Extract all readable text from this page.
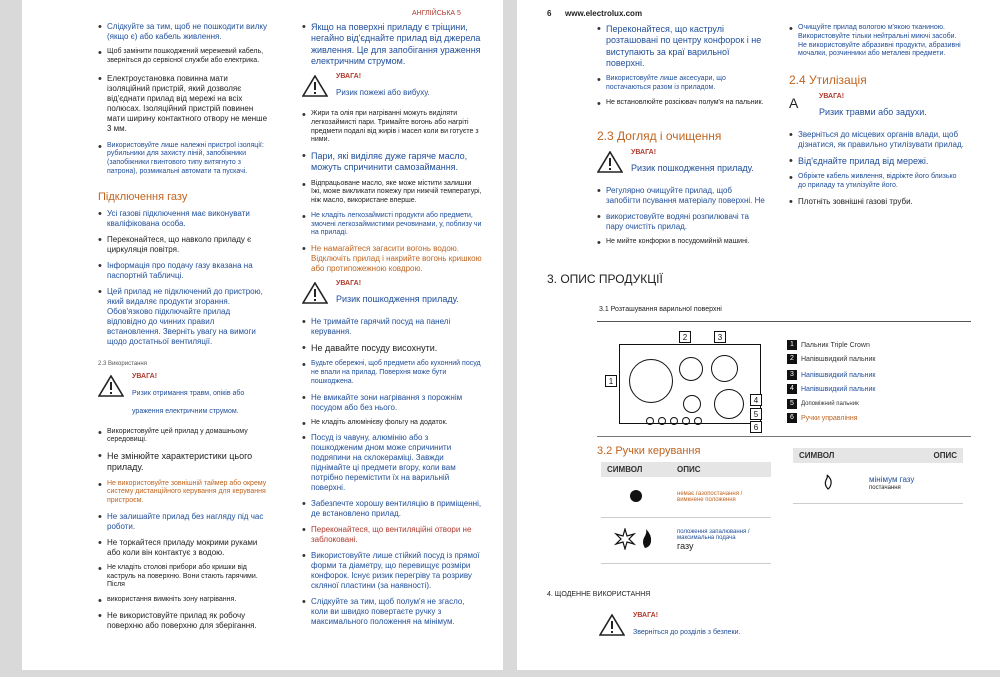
АНГЛІЙСЬКА 5
• Слідкуйте за тим, щоб не пошкодити вилку (якщо є) або кабель живлення.
• Щоб замінити пошкоджений мережевий кабель, зверніться до сервісної служби або електрика.
• Електроустановка повинна мати ізоляційний пристрій, який дозволяє від'єднати прилад від мережі на всіх полюсах. Ізоляційний пристрій повинен мати ширину контактного отвору не менше 3 мм.
• Використовуйте лише належні пристрої ізоляції: рубильники для захисту ліній, запобіжники (запобіжники гвинтового типу витягнуто з патрона), розмикальні автомати та пускачі.
Підключення газу
• Усі газові підключення має виконувати кваліфікована особа.
• Переконайтеся, що навколо приладу є циркуляція повітря.
• Інформація про подачу газу вказана на паспортній табличці.
• Цей прилад не підключений до пристрою, який видаляє продукти згорання. Обов'язково підключайте прилад відповідно до чинних правил встановлення. Зверніть увагу на вимоги щодо достатньої вентиляції.
2.3 Використання
УВАГА!
Ризик отримання травм, опіків або ураження електричним струмом.
• Використовуйте цей прилад у домашньому середовищі.
• Не змінюйте характеристики цього приладу.
• Не використовуйте зовнішній таймер або окрему систему дистанційного керування для керування пристроєм.
• Не залишайте прилад без нагляду під час роботи.
• Не торкайтеся приладу мокрими руками або коли він контактує з водою.
• Не кладіть столові прибори або кришки від каструль на поверхню. Вони стають гарячими. Після
• використання вимкніть зону нагрівання.
• Не використовуйте прилад як робочу поверхню або поверхню для зберігання.
• Якщо на поверхні приладу є тріщини, негайно від'єднайте прилад від джерела живлення. Це для запобігання ураження електричним струмом.
УВАГА!
Ризик пожежі або вибуху.
• Жири та олія при нагріванні можуть виділяти легкозаймисті пари. Тримайте вогонь або нагріті предмети подалі від жирів і масел коли ви готуєте з ними.
• Пари, які виділяє дуже гаряче масло, можуть спричинити самозаймання.
• Відпрацьоване масло, яке може містити залишки їжі, може викликати пожежу при нижчій температурі, ніж масло, використане вперше.
• Не кладіть легкозаймисті продукти або предмети, змочені легкозаймистими речовинами, у, поблизу чи на приладі.
• Не намагайтеся загасити вогонь водою. Відключіть прилад і накрийте вогонь кришкою або протипожежною ковдрою.
УВАГА!
Ризик пошкодження приладу.
• Не тримайте гарячий посуд на панелі керування.
• Не давайте посуду висохнути.
• Будьте обережні, щоб предмети або кухонний посуд не впали на прилад. Поверхня може бути пошкоджена.
• Не вмикайте зони нагрівання з порожнім посудом або без нього.
• Не кладіть алюмінієву фольгу на додаток.
• Посуд із чавуну, алюмінію або з пошкодженим дном може спричинити подряпини на склокераміці. Завжди піднімайте ці предмети вгору, коли вам потрібно перемістити їх на варильній поверхні.
• Забезпечте хорошу вентиляцію в приміщенні, де встановлено прилад.
• Переконайтеся, що вентиляційні отвори не заблоковані.
• Використовуйте лише стійкий посуд із прямої форми та діаметру, що перевищує розміри конфорок. Існує ризик перегріву та розриву скляної пластини (за наявності).
• Слідкуйте за тим, щоб полум'я не згасло, коли ви швидко повертаєте ручку з максимального положення на мінімум.
6 www.electrolux.com
• Переконайтеся, що каструлі розташовані по центру конфорок і не виступають за краї варильної поверхні.
• Використовуйте лише аксесуари, що постачаються разом із приладом.
• Не встановлюйте розсіювач полум'я на пальник.
2.3 Догляд і очищення
УВАГА!
Ризик пошкодження приладу.
• Регулярно очищуйте прилад, щоб запобігти псування матеріалу поверхні. Не
• використовуйте водяні розпилювачі та пару очистіть прилад.
• Не мийте конфорки в посудомийній машині.
• Очищуйте прилад вологою м'якою тканиною. Використовуйте тільки нейтральні миючі засоби. Не використовуйте абразивні продукти, абразивні мочалки, розчинники або металеві предмети.
2.4 Утилізація
A	УВАГА!
Ризик травми або задухи.
• Зверніться до місцевих органів влади, щоб дізнатися, як правильно утилізувати прилад.
• Від'єднайте прилад від мережі.
• Обріжте кабель живлення, відріжте його близько до приладу та утилізуйте його.
• Плотніть зовнішні газові труби.
3. ОПИС ПРОДУКЦІЇ
3.1 Розташування варильної поверхні
1
2	3
4
5
6
1	Пальник Triple Crown
2	Напівшвидкий пальник
3	Напівшвидкий пальник
4	Напівшвидкий пальник
5	Допоміжний пальник
6	Ручки управління
3.2 Ручки керування
СИМВОЛ	ОПИС
	немає газопостачання / вимкнене положення
	положення запалювання / максимальна подача
газу
СИМВОЛ	ОПИС
	мінімум газу
постачання
4. ЩОДЕННЕ ВИКОРИСТАННЯ
УВАГА!
Зверніться до розділів з безпеки.
